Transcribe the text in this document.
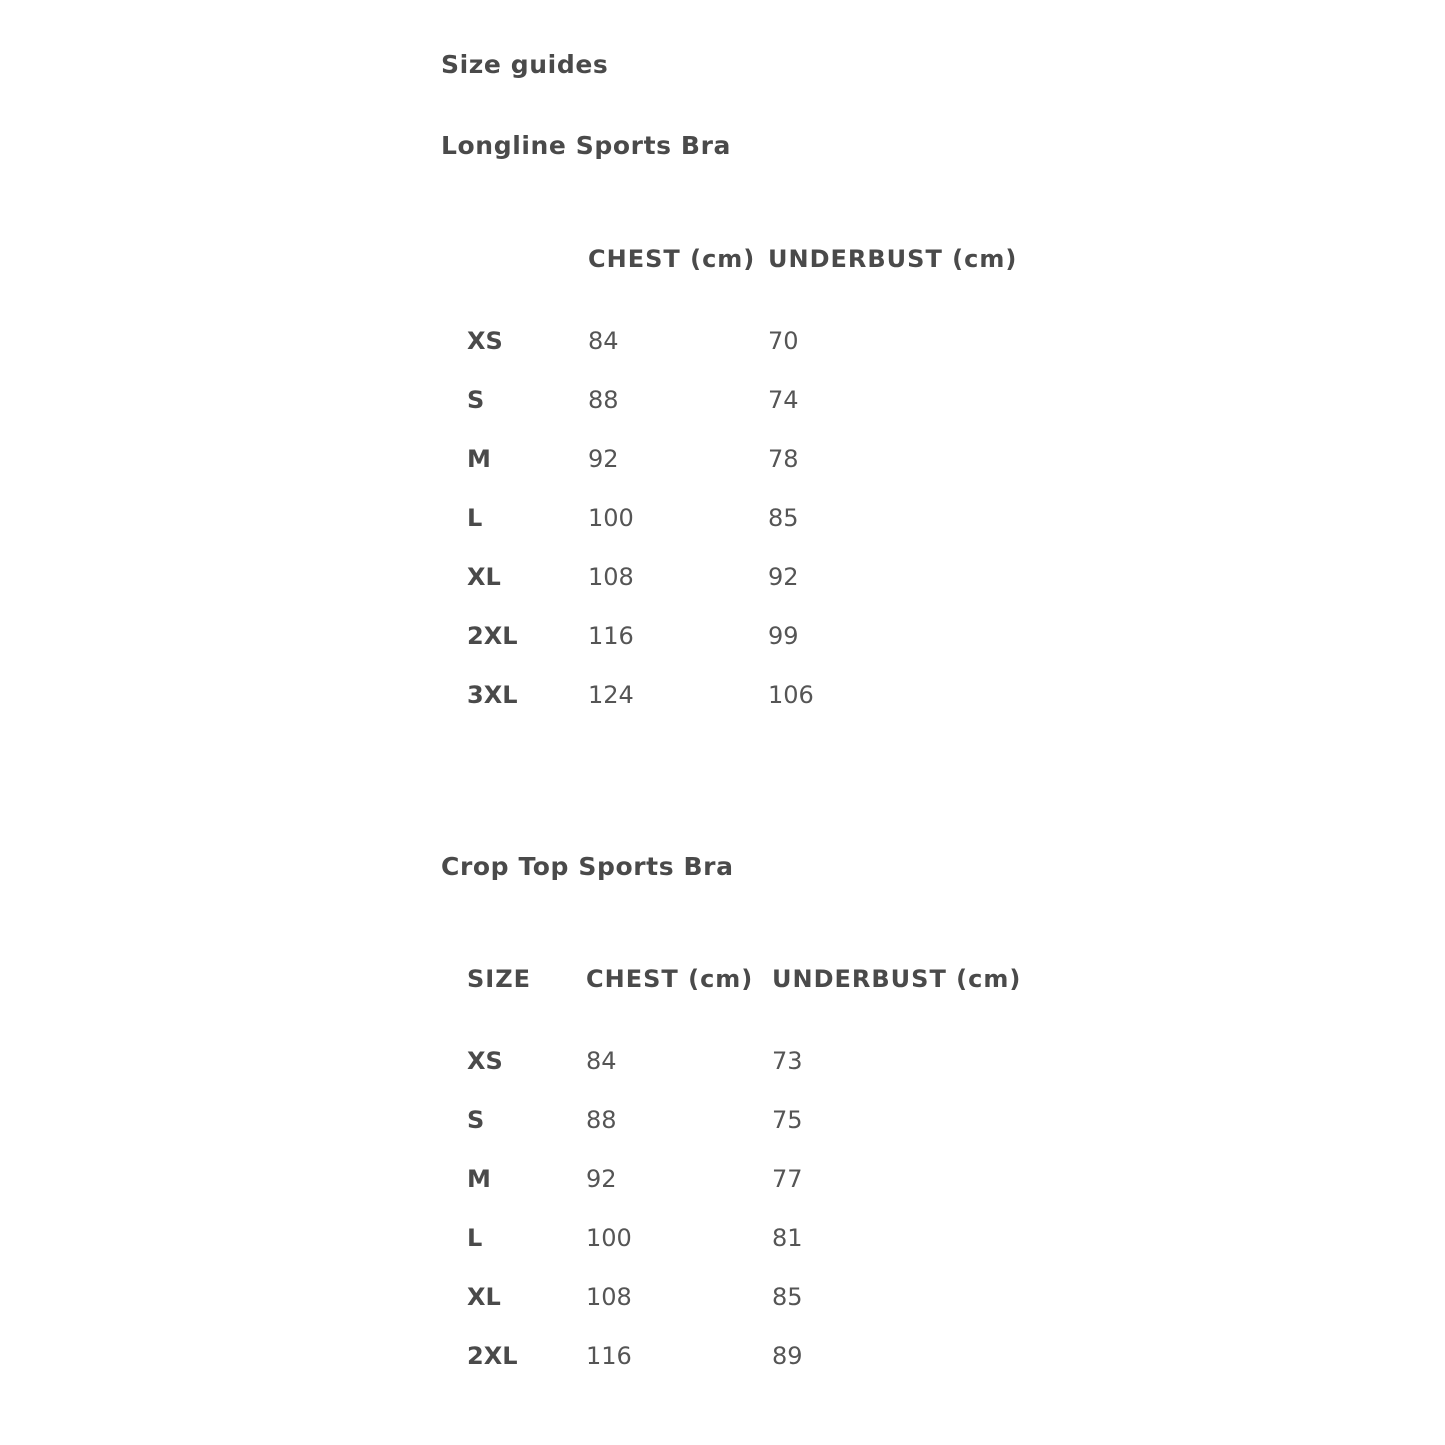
Size guides
Longline Sports Bra
	CHEST (cm)	UNDERBUST (cm)
XS	84	70
S	88	74
M	92	78
L	100	85
XL	108	92
2XL	116	99
3XL	124	106
Crop Top Sports Bra
SIZE	CHEST (cm)	UNDERBUST (cm)
XS	84	73
S	88	75
M	92	77
L	100	81
XL	108	85
2XL	116	89
